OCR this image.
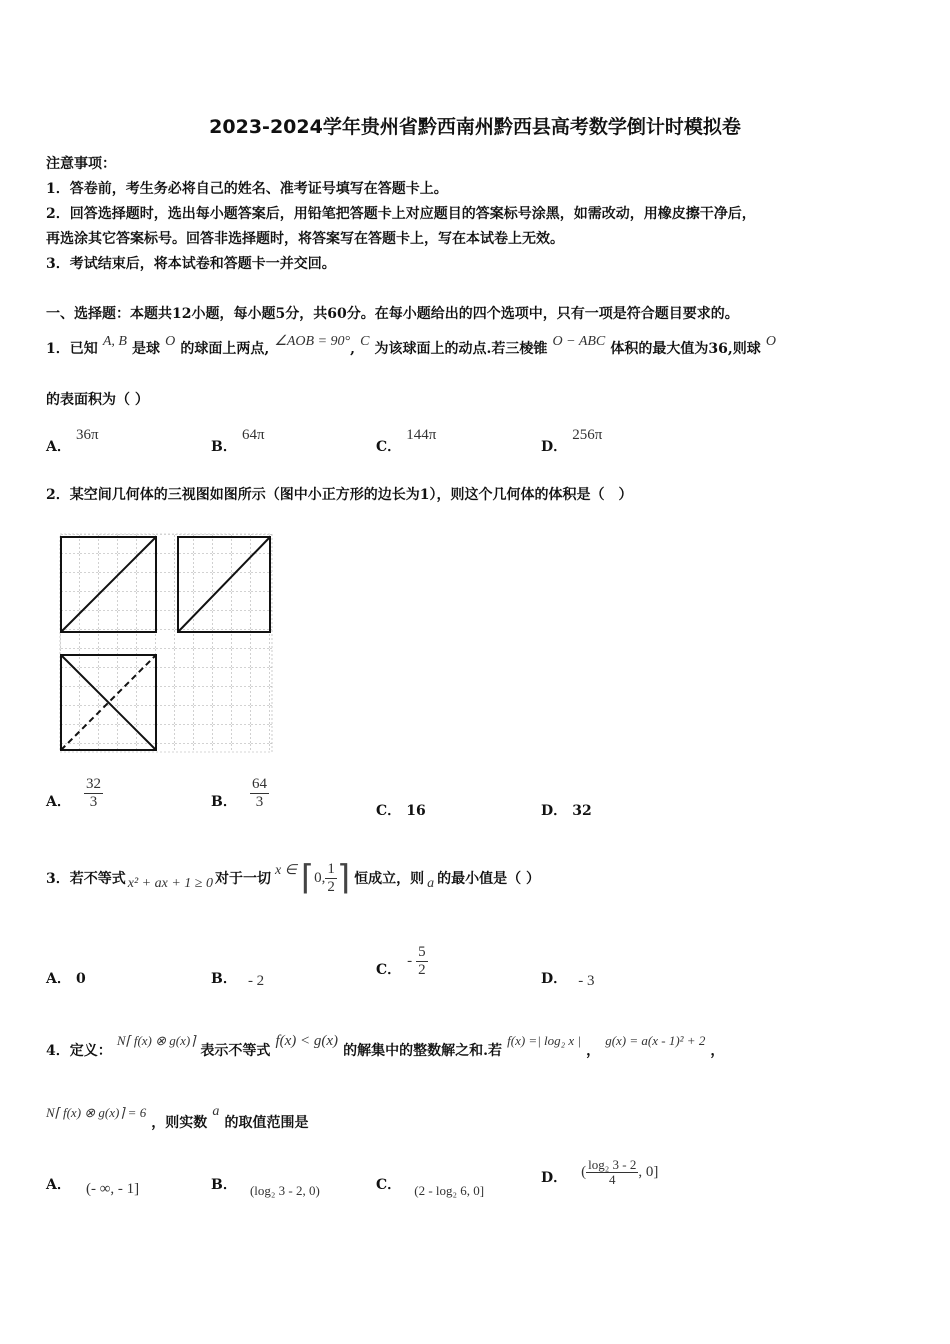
2023-2024学年贵州省黔西南州黔西县高考数学倒计时模拟卷
注意事项：
1．答卷前，考生务必将自己的姓名、准考证号填写在答题卡上。
2．回答选择题时，选出每小题答案后，用铅笔把答题卡上对应题目的答案标号涂黑，如需改动，用橡皮擦干净后，
再选涂其它答案标号。回答非选择题时，将答案写在答题卡上，写在本试卷上无效。
3．考试结束后，将本试卷和答题卡一并交回。
一、选择题：本题共12小题，每小题5分，共60分。在每小题给出的四个选项中，只有一项是符合题目要求的。
1．已知 A, B 是球 O 的球面上两点, ∠AOB = 90°, C 为该球面上的动点.若三棱锥 O − ABC 体积的最大值为36,则球 O
的表面积为（ ）
A． 36π
B． 64π
C． 144π
D． 256π
2．某空间几何体的三视图如图所示（图中小正方形的边长为1），则这个几何体的体积是（　）
A． $\frac{32}{3}$	B． $\frac{64}{3}$
C． 16	D． 32
3．若不等式 x² + ax + 1 ≥ 0 对于一切
x ∈ ⌈ 0, $\frac{1}{2}$ ⌉ 恒成立，则 a 的最小值是（ ）
A． 0	B． - 2
C．
- $\frac{5}{2}$
D． - 3
4．定义： N⌈ f(x) ⊗ g(x)⌉ 表示不等式 f(x) < g(x) 的解集中的整数解之和.若 f(x) =| log₂ x | ， g(x) = a(x - 1)² + 2 ，
N⌈ f(x) ⊗ g(x)⌉ = 6 ，则实数 a 的取值范围是
A． (- ∞, - 1]	B． $_{(log_2 3 - 2, 0)}$	C． $_{(2 - log_2 6, 0]}$
D． ( $\frac{\text{log₂ 3 - 2}}{4}$ , 0]
